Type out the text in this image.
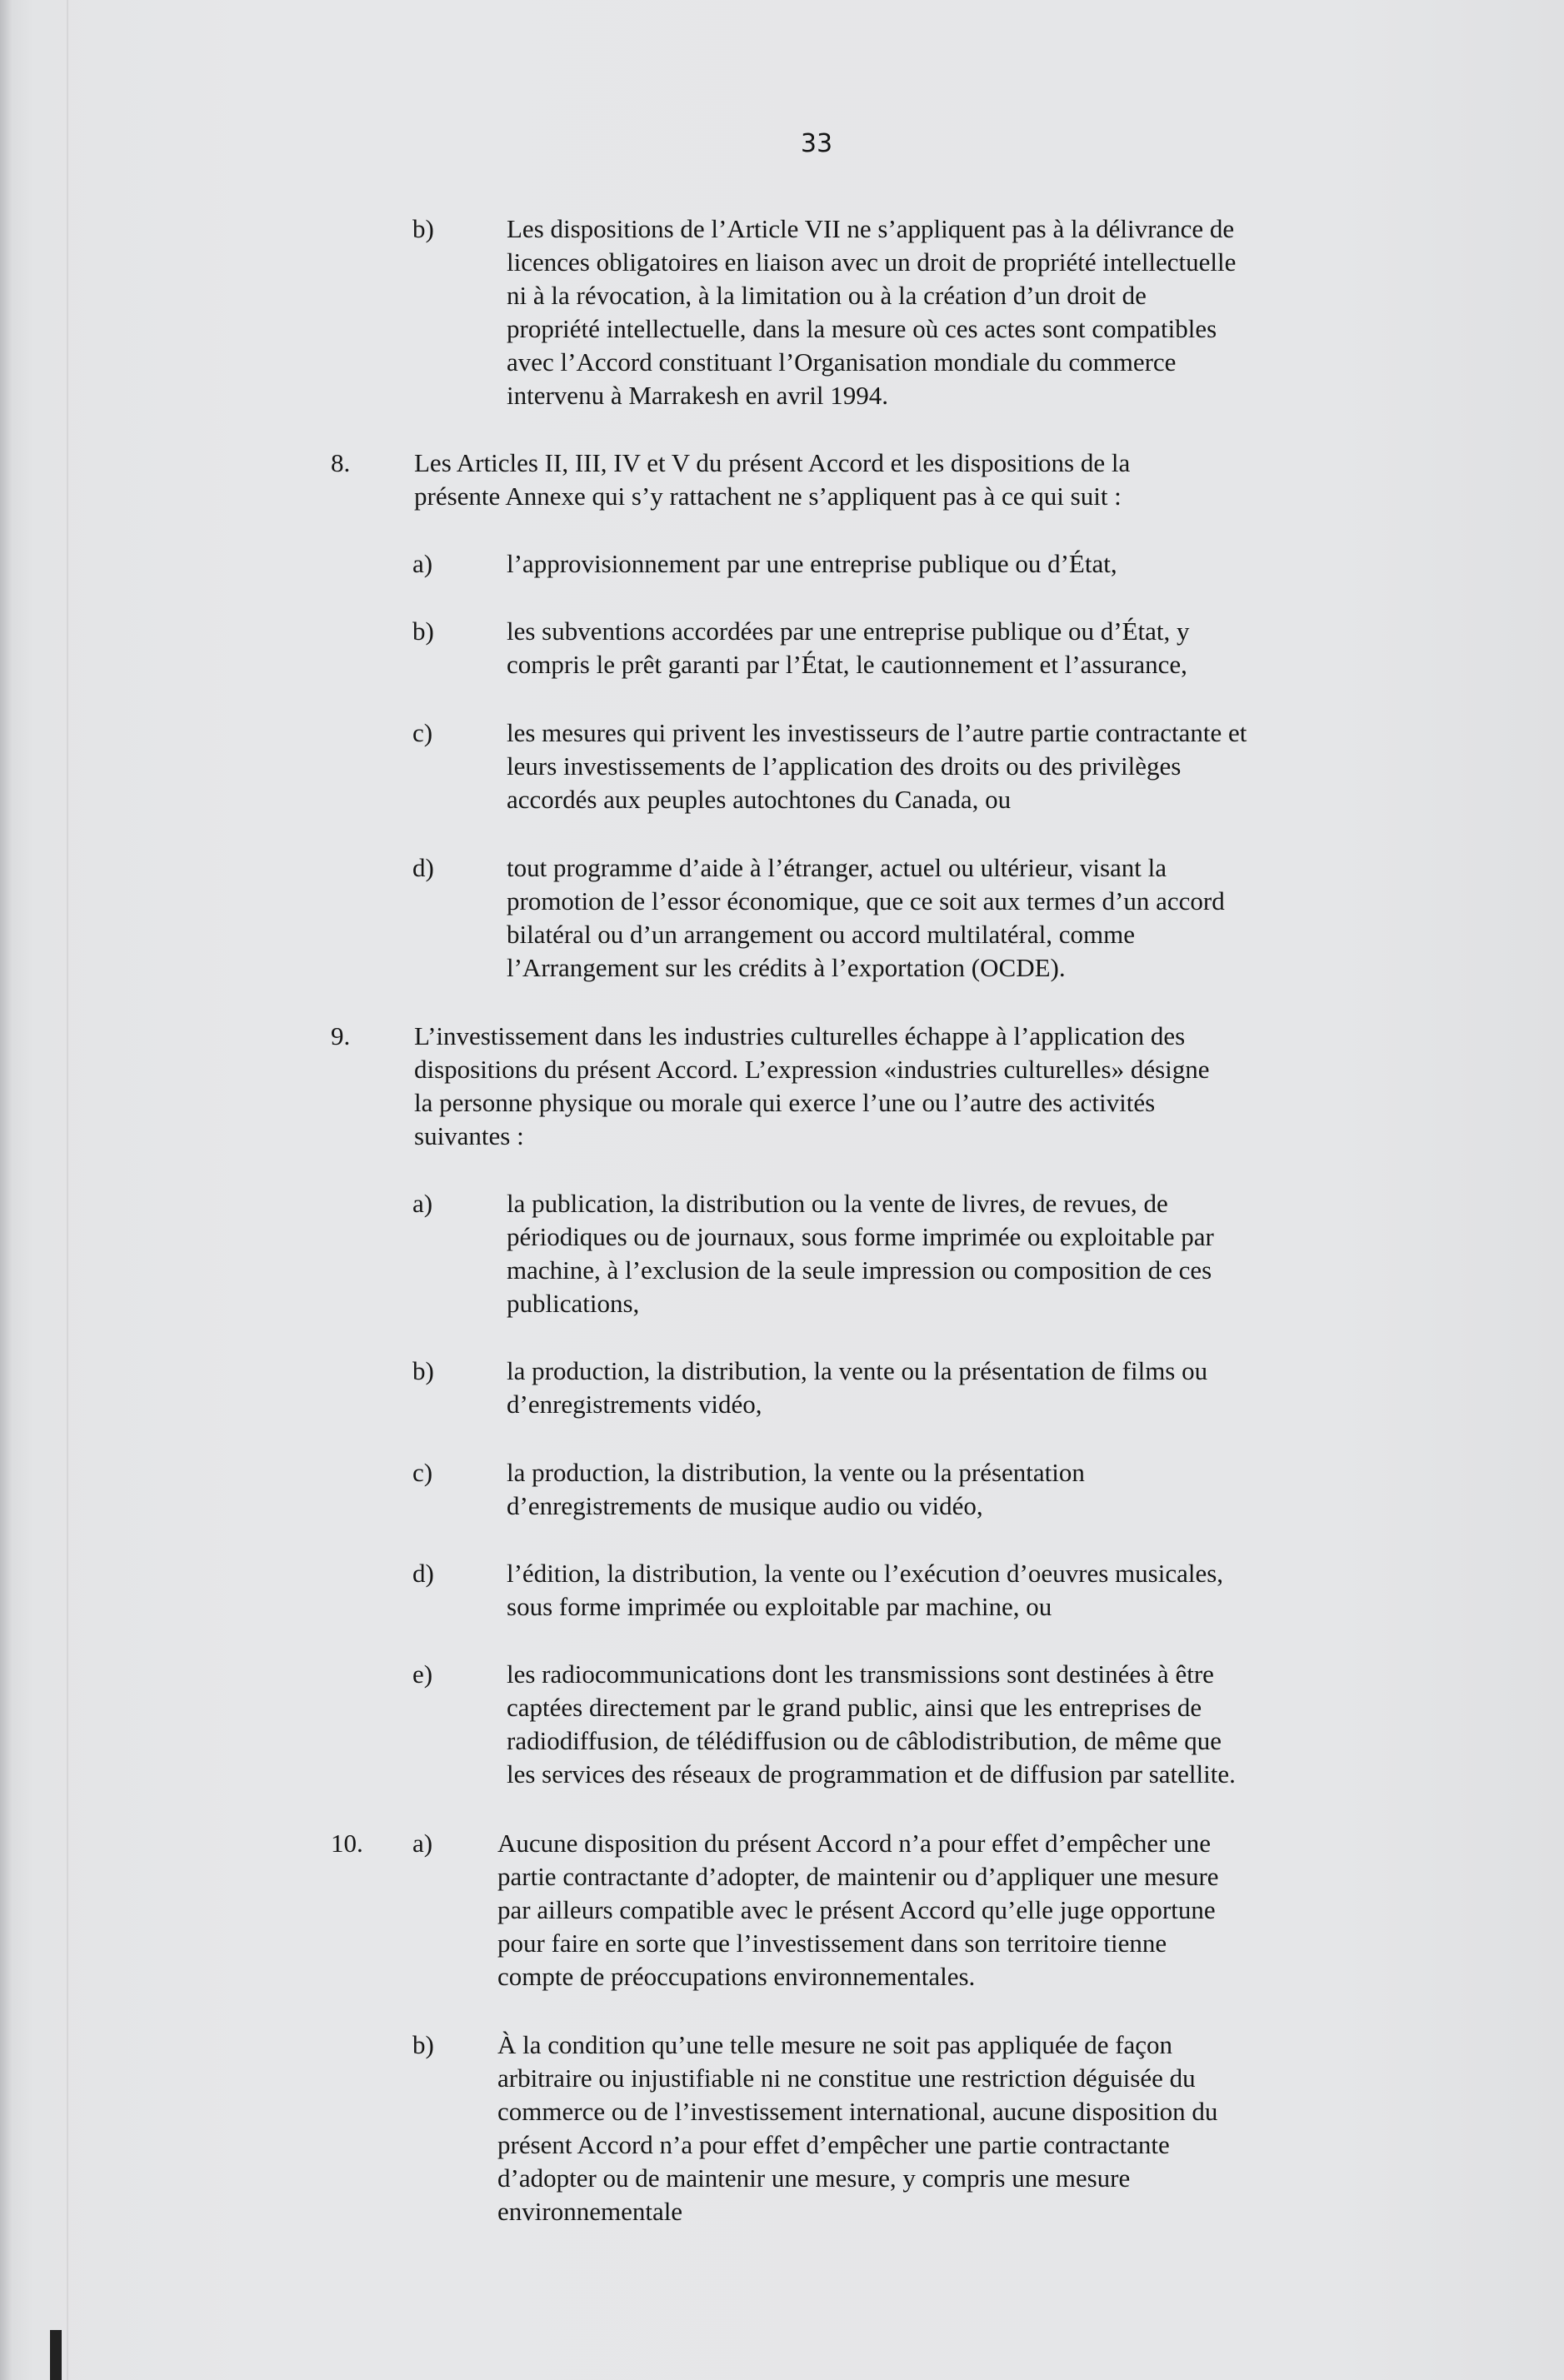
33
b)	Les dispositions de l’Article VII ne s’appliquent pas à la délivrance de
licences obligatoires en liaison avec un droit de propriété intellectuelle
ni à la révocation, à la limitation ou à la création d’un droit de
propriété intellectuelle, dans la mesure où ces actes sont compatibles
avec l’Accord constituant l’Organisation mondiale du commerce
intervenu à Marrakesh en avril 1994.
8. Les Articles II, III, IV et V du présent Accord et les dispositions de la
présente Annexe qui s’y rattachent ne s’appliquent pas à ce qui suit :
a)	l’approvisionnement par une entreprise publique ou d’État,
b)	les subventions accordées par une entreprise publique ou d’État, y
compris le prêt garanti par l’État, le cautionnement et l’assurance,
c)	les mesures qui privent les investisseurs de l’autre partie contractante et
leurs investissements de l’application des droits ou des privilèges
accordés aux peuples autochtones du Canada, ou
d)	tout programme d’aide à l’étranger, actuel ou ultérieur, visant la
promotion de l’essor économique, que ce soit aux termes d’un accord
bilatéral ou d’un arrangement ou accord multilatéral, comme
l’Arrangement sur les crédits à l’exportation (OCDE).
9. L’investissement dans les industries culturelles échappe à l’application des
dispositions du présent Accord. L’expression «industries culturelles» désigne
la personne physique ou morale qui exerce l’une ou l’autre des activités
suivantes :
a)	la publication, la distribution ou la vente de livres, de revues, de
périodiques ou de journaux, sous forme imprimée ou exploitable par
machine, à l’exclusion de la seule impression ou composition de ces
publications,
b)	la production, la distribution, la vente ou la présentation de films ou
d’enregistrements vidéo,
c)	la production, la distribution, la vente ou la présentation
d’enregistrements de musique audio ou vidéo,
d)	l’édition, la distribution, la vente ou l’exécution d’oeuvres musicales,
sous forme imprimée ou exploitable par machine, ou
e)	les radiocommunications dont les transmissions sont destinées à être
captées directement par le grand public, ainsi que les entreprises de
radiodiffusion, de télédiffusion ou de câblodistribution, de même que
les services des réseaux de programmation et de diffusion par satellite.
10. a)	Aucune disposition du présent Accord n’a pour effet d’empêcher une
partie contractante d’adopter, de maintenir ou d’appliquer une mesure
par ailleurs compatible avec le présent Accord qu’elle juge opportune
pour faire en sorte que l’investissement dans son territoire tienne
compte de préoccupations environnementales.
b) À la condition qu’une telle mesure ne soit pas appliquée de façon
arbitraire ou injustifiable ni ne constitue une restriction déguisée du
commerce ou de l’investissement international, aucune disposition du
présent Accord n’a pour effet d’empêcher une partie contractante
d’adopter ou de maintenir une mesure, y compris une mesure
environnementale
